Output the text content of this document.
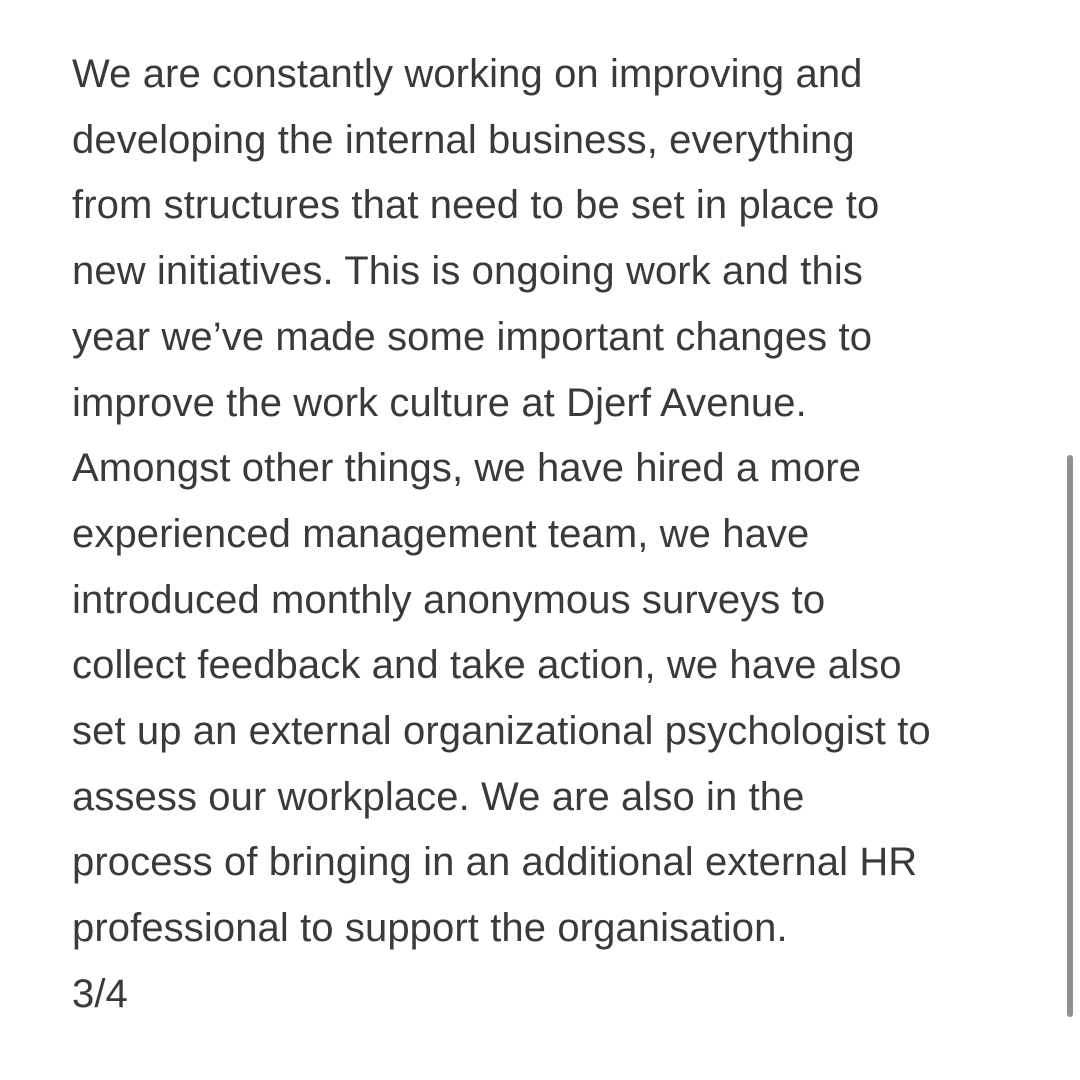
We are constantly working on improving and
developing the internal business, everything
from structures that need to be set in place to
new initiatives. This is ongoing work and this
year we’ve made some important changes to
improve the work culture at Djerf Avenue.
Amongst other things, we have hired a more
experienced management team, we have
introduced monthly anonymous surveys to
collect feedback and take action, we have also
set up an external organizational psychologist to
assess our workplace. We are also in the
process of bringing in an additional external HR
professional to support the organisation.
3/4
